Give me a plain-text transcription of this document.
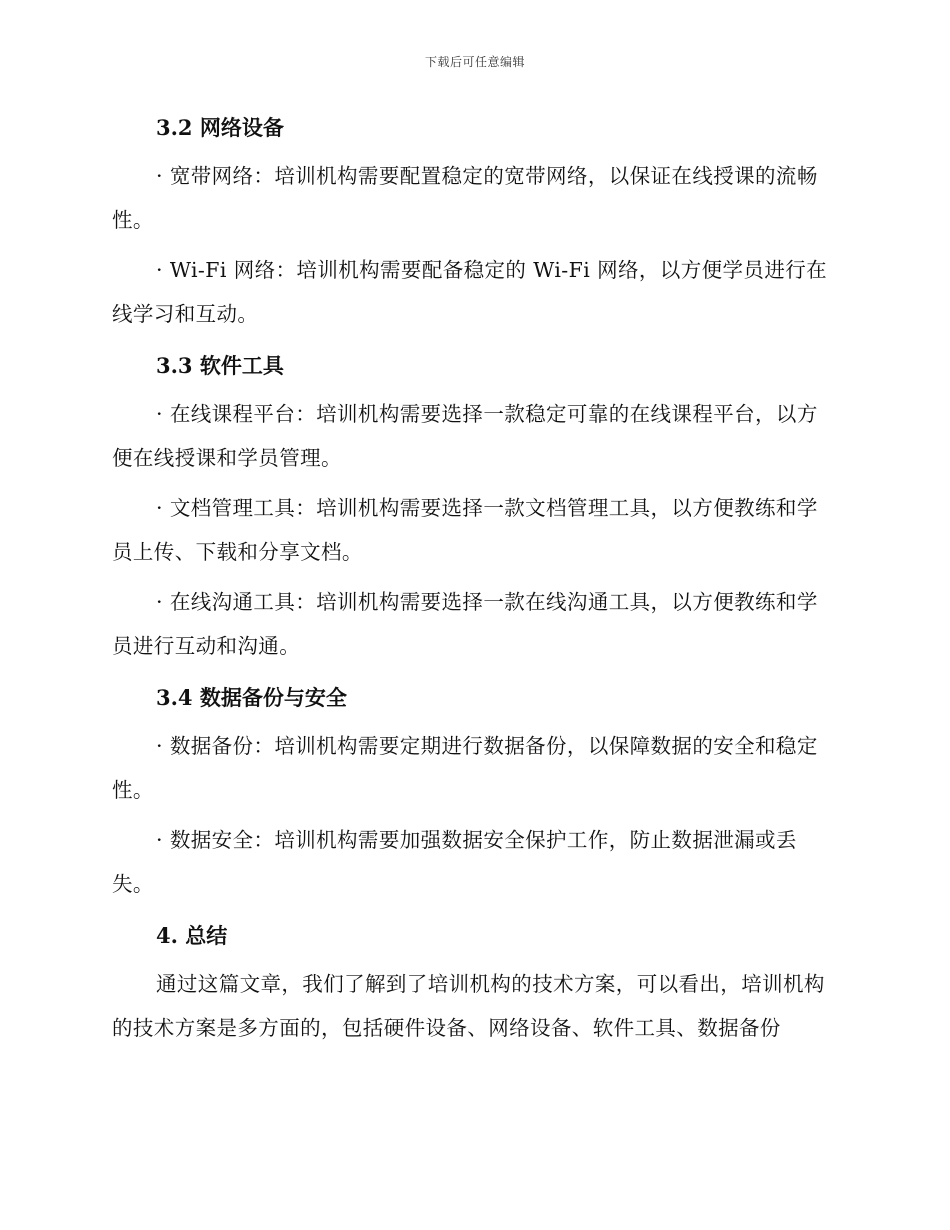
下载后可任意编辑
3.2 网络设备

· 宽带网络：培训机构需要配置稳定的宽带网络，以保证在线授课的流畅性。

· Wi-Fi 网络：培训机构需要配备稳定的 Wi-Fi 网络，以方便学员进行在线学习和互动。

3.3 软件工具

· 在线课程平台：培训机构需要选择一款稳定可靠的在线课程平台，以方便在线授课和学员管理。

· 文档管理工具：培训机构需要选择一款文档管理工具，以方便教练和学员上传、下载和分享文档。

· 在线沟通工具：培训机构需要选择一款在线沟通工具，以方便教练和学员进行互动和沟通。

3.4 数据备份与安全

· 数据备份：培训机构需要定期进行数据备份，以保障数据的安全和稳定性。

· 数据安全：培训机构需要加强数据安全保护工作，防止数据泄漏或丢失。

4. 总结

通过这篇文章，我们了解到了培训机构的技术方案，可以看出，培训机构的技术方案是多方面的，包括硬件设备、网络设备、软件工具、数据备份
